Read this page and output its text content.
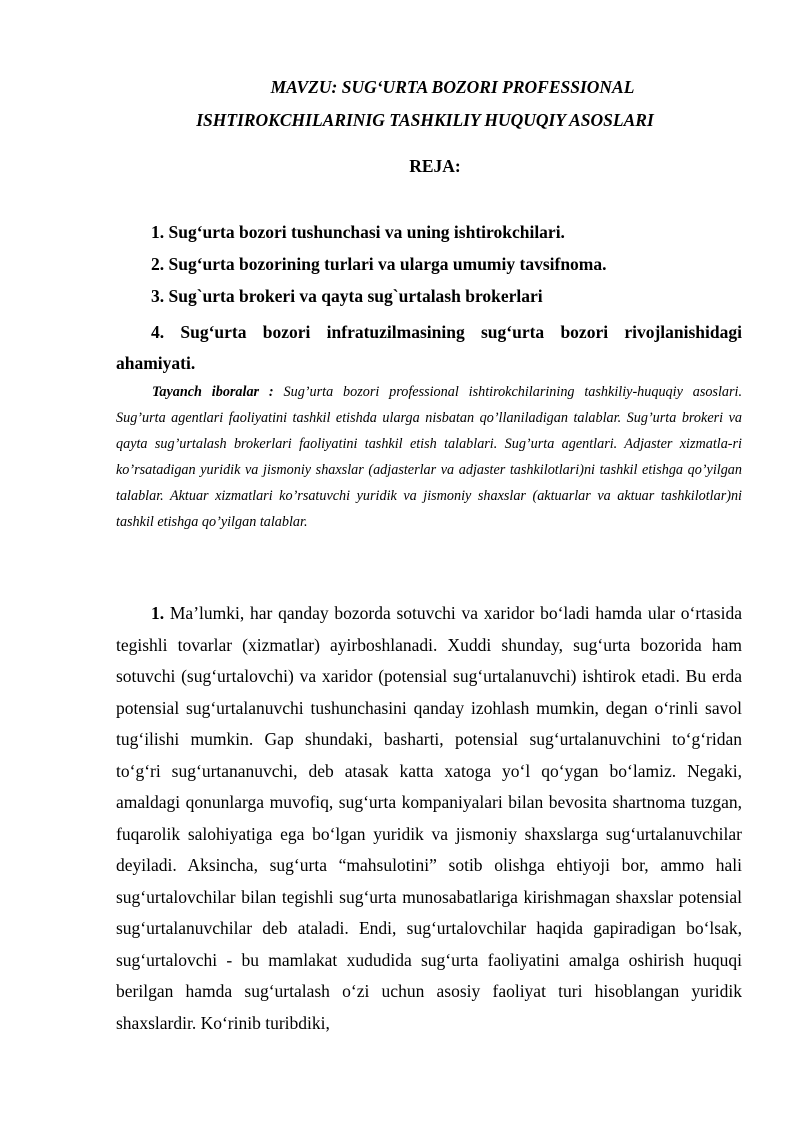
MAVZU: SUG‘URTA BOZORI PROFESSIONAL

ISHTIROKCHILARINIG TASHKILIY HUQUQIY ASOSLARI

REJA:

1. Sug‘urta bozori tushunchasi va uning ishtirokchilari.

2. Sug‘urta bozorining turlari va ularga umumiy tavsifnoma.

3. Sug`urta brokeri va qayta sug`urtalash brokerlari

4. Sug‘urta bozori infratuzilmasining sug‘urta bozori rivojlanishidagi ahamiyati.

Tayanch iboralar : Sug’urta bozori professional ishtirokchilarining tashkiliy-huquqiy asoslari. Sug’urta agentlari faoliyatini tashkil etishda ularga nisbatan qo’llaniladigan talablar. Sug’urta brokeri va qayta sug’urtalash brokerlari faoliyatini tashkil etish talablari. Sug’urta agentlari. Adjaster xizmatla-ri ko’rsatadigan yuridik va jismoniy shaxslar (adjasterlar va adjaster tashkilotlari)ni tashkil etishga qo’yilgan talablar. Aktuar xizmatlari ko’rsatuvchi yuridik va jismoniy shaxslar (aktuarlar va aktuar tashkilotlar)ni tashkil etishga qo’yilgan talablar.

1. Ma’lumki, har qanday bozorda sotuvchi va xaridor bo‘ladi hamda ular o‘rtasida tegishli tovarlar (xizmatlar) ayirboshlanadi. Xuddi shunday, sug‘urta bozorida ham sotuvchi (sug‘urtalovchi) va xaridor (potensial sug‘urtalanuvchi) ishtirok etadi. Bu erda potensial sug‘urtalanuvchi tushunchasini qanday izohlash mumkin, degan o‘rinli savol tug‘ilishi mumkin. Gap shundaki, basharti, potensial sug‘urtalanuvchini to‘g‘ridan to‘g‘ri sug‘urtananuvchi, deb atasak katta xatoga yo‘l qo‘ygan bo‘lamiz. Negaki, amaldagi qonunlarga muvofiq, sug‘urta kompaniyalari bilan bevosita shartnoma tuzgan, fuqarolik salohiyatiga ega bo‘lgan yuridik va jismoniy shaxslarga sug‘urtalanuvchilar deyiladi. Aksincha, sug‘urta “mahsulotini” sotib olishga ehtiyoji bor, ammo hali sug‘urtalovchilar bilan tegishli sug‘urta munosabatlariga kirishmagan shaxslar potensial sug‘urtalanuvchilar deb ataladi. Endi, sug‘urtalovchilar haqida gapiradigan bo‘lsak, sug‘urtalovchi - bu mamlakat xududida sug‘urta faoliyatini amalga oshirish huquqi berilgan hamda sug‘urtalash o‘zi uchun asosiy faoliyat turi hisoblangan yuridik shaxslardir. Ko‘rinib turibdiki,
